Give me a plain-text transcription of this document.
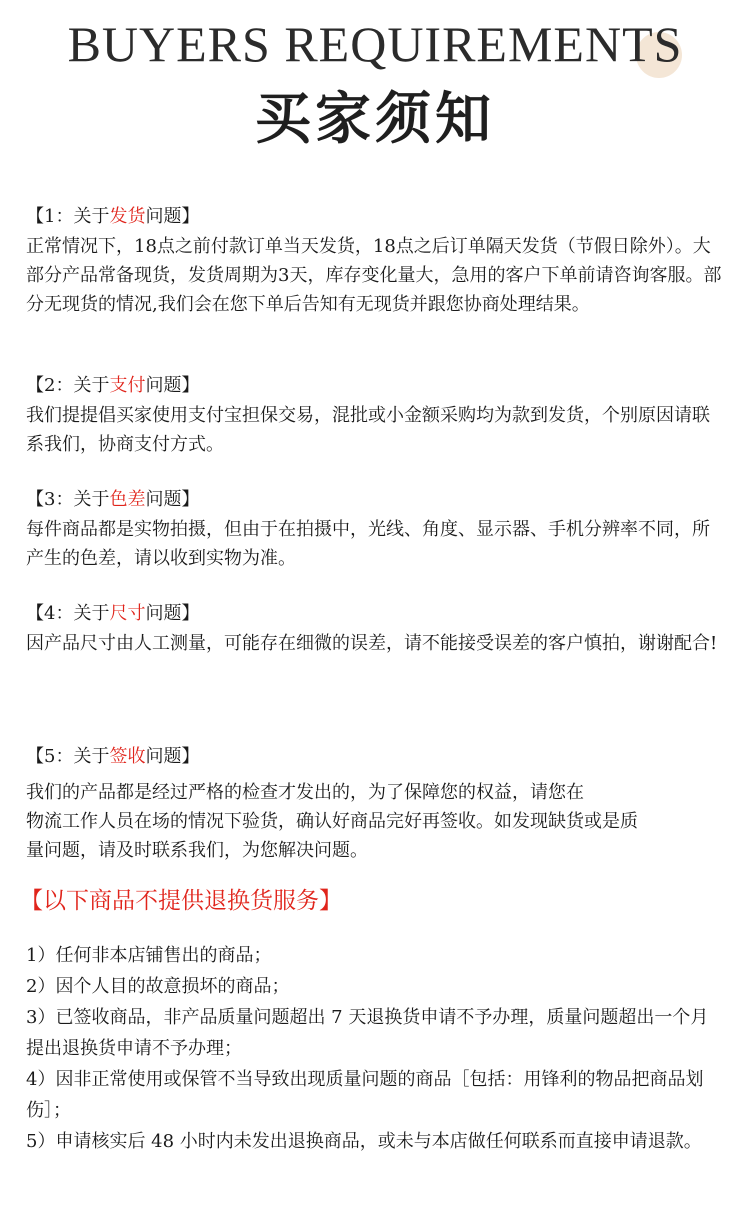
BUYERS REQUIREMENTS
买家须知
【1：关于发货问题】
正常情况下，18点之前付款订单当天发货，18点之后订单隔天发货（节假日除外）。大部分产品常备现货，发货周期为3天，库存变化量大，急用的客户下单前请咨询客服。部分无现货的情况,我们会在您下单后告知有无现货并跟您协商处理结果。
【2：关于支付问题】
我们提提倡买家使用支付宝担保交易，混批或小金额采购均为款到发货，个别原因请联系我们，协商支付方式。
【3：关于色差问题】
每件商品都是实物拍摄，但由于在拍摄中，光线、角度、显示器、手机分辨率不同，所产生的色差，请以收到实物为准。
【4：关于尺寸问题】
因产品尺寸由人工测量，可能存在细微的误差，请不能接受误差的客户慎拍，谢谢配合!
【5：关于签收问题】
我们的产品都是经过严格的检查才发出的，为了保障您的权益，请您在
物流工作人员在场的情况下验货，确认好商品完好再签收。如发现缺货或是质
量问题，请及时联系我们，为您解决问题。
【以下商品不提供退换货服务】
1）任何非本店铺售出的商品；
2）因个人目的故意损坏的商品；
3）已签收商品，非产品质量问题超出 7 天退换货申请不予办理，质量问题超出一个月提出退换货申请不予办理；
4）因非正常使用或保管不当导致出现质量问题的商品［包括：用锋利的物品把商品划伤］；
5）申请核实后 48 小时内未发出退换商品，或未与本店做任何联系而直接申请退款。
